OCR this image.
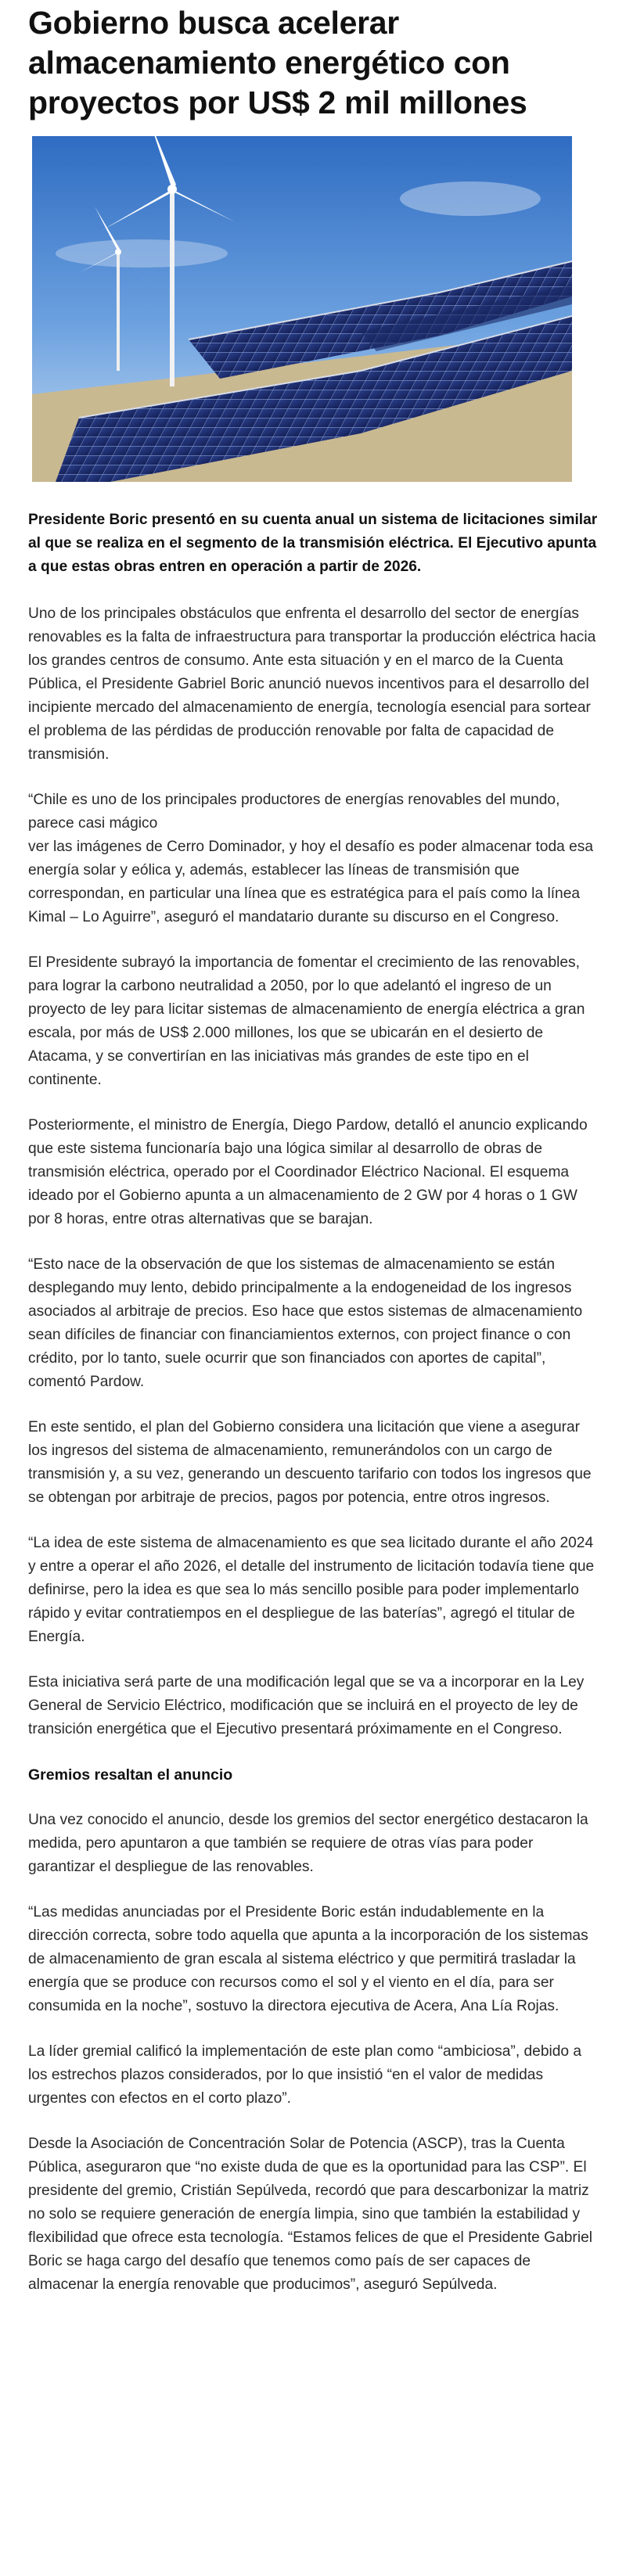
Gobierno busca acelerar almacenamiento energético con proyectos por US$ 2 mil millones

Presidente Boric presentó en su cuenta anual un sistema de licitaciones similar al que se realiza en el segmento de la transmisión eléctrica. El Ejecutivo apunta a que estas obras entren en operación a partir de 2026.

Uno de los principales obstáculos que enfrenta el desarrollo del sector de energías renovables es la falta de infraestructura para transportar la producción eléctrica hacia los grandes centros de consumo. Ante esta situación y en el marco de la Cuenta Pública, el Presidente Gabriel Boric anunció nuevos incentivos para el desarrollo del incipiente mercado del almacenamiento de energía, tecnología esencial para sortear el problema de las pérdidas de producción renovable por falta de capacidad de transmisión.

“Chile es uno de los principales productores de energías renovables del mundo, parece casi mágico

ver las imágenes de Cerro Dominador, y hoy el desafío es poder almacenar toda esa energía solar y eólica y, además, establecer las líneas de transmisión que correspondan, en particular una línea que es estratégica para el país como la línea Kimal – Lo Aguirre”, aseguró el mandatario durante su discurso en el Congreso.

El Presidente subrayó la importancia de fomentar el crecimiento de las renovables, para lograr la carbono neutralidad a 2050, por lo que adelantó el ingreso de un proyecto de ley para licitar sistemas de almacenamiento de energía eléctrica a gran escala, por más de US$ 2.000 millones, los que se ubicarán en el desierto de Atacama, y se convertirían en las iniciativas más grandes de este tipo en el continente.

Posteriormente, el ministro de Energía, Diego Pardow, detalló el anuncio explicando que este sistema funcionaría bajo una lógica similar al desarrollo de obras de transmisión eléctrica, operado por el Coordinador Eléctrico Nacional. El esquema ideado por el Gobierno apunta a un almacenamiento de 2 GW por 4 horas o 1 GW por 8 horas, entre otras alternativas que se barajan.

“Esto nace de la observación de que los sistemas de almacenamiento se están desplegando muy lento, debido principalmente a la endogeneidad de los ingresos asociados al arbitraje de precios. Eso hace que estos sistemas de almacenamiento sean difíciles de financiar con financiamientos externos, con project finance o con crédito, por lo tanto, suele ocurrir que son financiados con aportes de capital”, comentó Pardow.

En este sentido, el plan del Gobierno considera una licitación que viene a asegurar los ingresos del sistema de almacenamiento, remunerándolos con un cargo de transmisión y, a su vez, generando un descuento tarifario con todos los ingresos que se obtengan por arbitraje de precios, pagos por potencia, entre otros ingresos.

“La idea de este sistema de almacenamiento es que sea licitado durante el año 2024 y entre a operar el año 2026, el detalle del instrumento de licitación todavía tiene que definirse, pero la idea es que sea lo más sencillo posible para poder implementarlo rápido y evitar contratiempos en el despliegue de las baterías”, agregó el titular de Energía.

Esta iniciativa será parte de una modificación legal que se va a incorporar en la Ley General de Servicio Eléctrico, modificación que se incluirá en el proyecto de ley de transición energética que el Ejecutivo presentará próximamente en el Congreso.

Gremios resaltan el anuncio

Una vez conocido el anuncio, desde los gremios del sector energético destacaron la medida, pero apuntaron a que también se requiere de otras vías para poder garantizar el despliegue de las renovables.

“Las medidas anunciadas por el Presidente Boric están indudablemente en la dirección correcta, sobre todo aquella que apunta a la incorporación de los sistemas de almacenamiento de gran escala al sistema eléctrico y que permitirá trasladar la energía que se produce con recursos como el sol y el viento en el día, para ser consumida en la noche”, sostuvo la directora ejecutiva de Acera, Ana Lía Rojas.

La líder gremial calificó la implementación de este plan como “ambiciosa”, debido a los estrechos plazos considerados, por lo que insistió “en el valor de medidas urgentes con efectos en el corto plazo”.

Desde la Asociación de Concentración Solar de Potencia (ASCP), tras la Cuenta Pública, aseguraron que “no existe duda de que es la oportunidad para las CSP”. El presidente del gremio, Cristián Sepúlveda, recordó que para descarbonizar la matriz no solo se requiere generación de energía limpia, sino que también la estabilidad y flexibilidad que ofrece esta tecnología. “Estamos felices de que el Presidente Gabriel Boric se haga cargo del desafío que tenemos como país de ser capaces de almacenar la energía renovable que producimos”, aseguró Sepúlveda.
